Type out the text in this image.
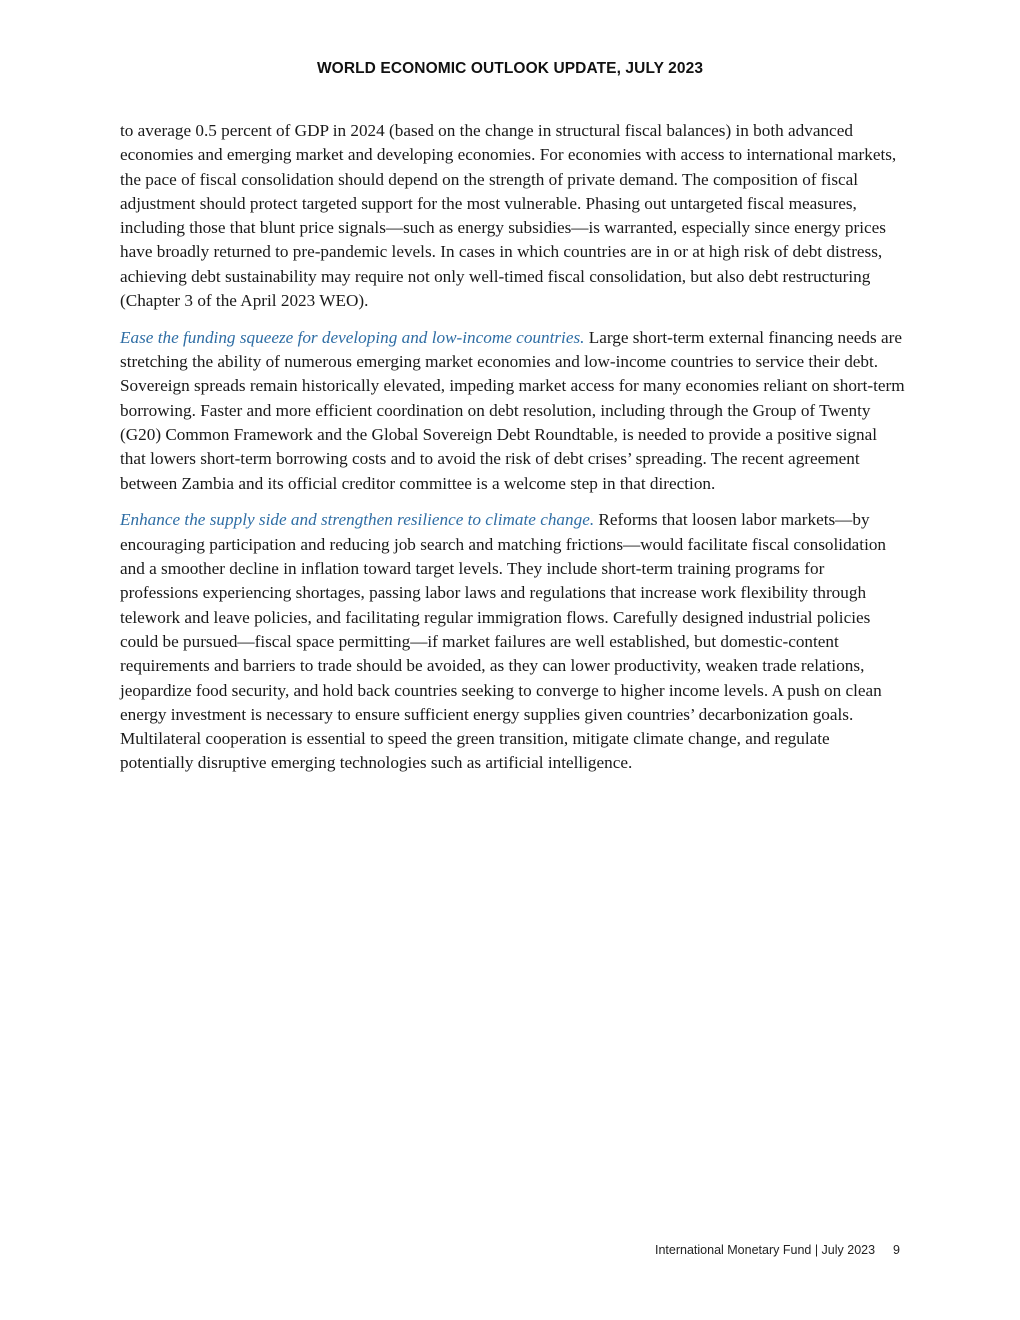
WORLD ECONOMIC OUTLOOK UPDATE, JULY 2023

to average 0.5 percent of GDP in 2024 (based on the change in structural fiscal balances) in both advanced economies and emerging market and developing economies. For economies with access to international markets, the pace of fiscal consolidation should depend on the strength of private demand. The composition of fiscal adjustment should protect targeted support for the most vulnerable. Phasing out untargeted fiscal measures, including those that blunt price signals—such as energy subsidies—is warranted, especially since energy prices have broadly returned to pre-pandemic levels. In cases in which countries are in or at high risk of debt distress, achieving debt sustainability may require not only well-timed fiscal consolidation, but also debt restructuring (Chapter 3 of the April 2023 WEO).

Ease the funding squeeze for developing and low-income countries. Large short-term external financing needs are stretching the ability of numerous emerging market economies and low-income countries to service their debt. Sovereign spreads remain historically elevated, impeding market access for many economies reliant on short-term borrowing. Faster and more efficient coordination on debt resolution, including through the Group of Twenty (G20) Common Framework and the Global Sovereign Debt Roundtable, is needed to provide a positive signal that lowers short-term borrowing costs and to avoid the risk of debt crises’ spreading. The recent agreement between Zambia and its official creditor committee is a welcome step in that direction.

Enhance the supply side and strengthen resilience to climate change. Reforms that loosen labor markets—by encouraging participation and reducing job search and matching frictions—would facilitate fiscal consolidation and a smoother decline in inflation toward target levels. They include short-term training programs for professions experiencing shortages, passing labor laws and regulations that increase work flexibility through telework and leave policies, and facilitating regular immigration flows. Carefully designed industrial policies could be pursued—fiscal space permitting—if market failures are well established, but domestic-content requirements and barriers to trade should be avoided, as they can lower productivity, weaken trade relations, jeopardize food security, and hold back countries seeking to converge to higher income levels. A push on clean energy investment is necessary to ensure sufficient energy supplies given countries’ decarbonization goals. Multilateral cooperation is essential to speed the green transition, mitigate climate change, and regulate potentially disruptive emerging technologies such as artificial intelligence.

International Monetary Fund | July 2023 9
